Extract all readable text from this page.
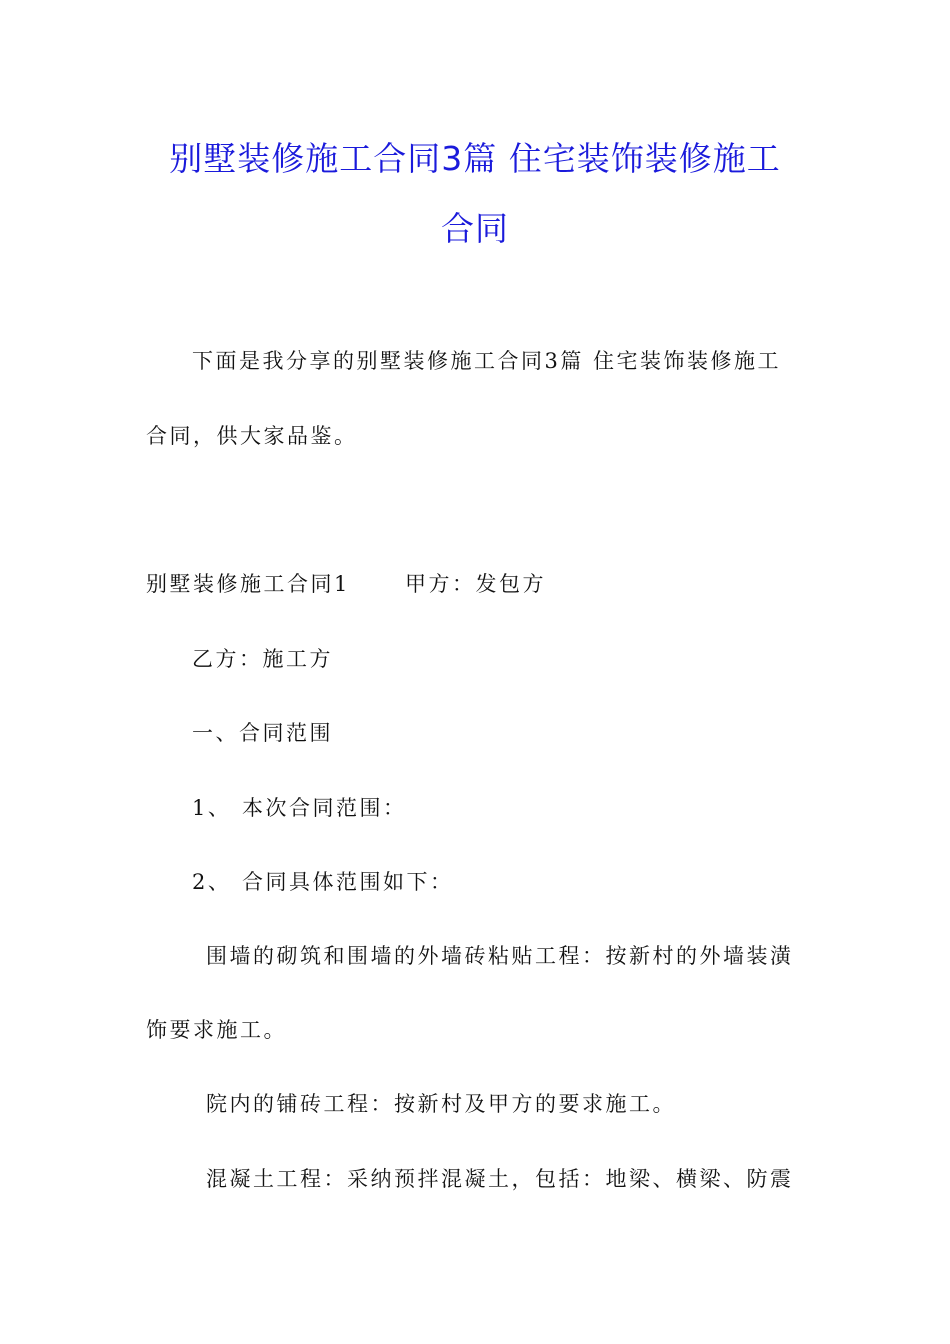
别墅装修施工合同3篇 住宅装饰装修施工
合同
下面是我分享的别墅装修施工合同3篇 住宅装饰装修施工
合同，供大家品鉴。
别墅装修施工合同1	甲方：发包方
乙方：施工方
一、合同范围
1、 本次合同范围：
2、 合同具体范围如下：
围墙的砌筑和围墙的外墙砖粘贴工程：按新村的外墙装潢
饰要求施工。
院内的铺砖工程：按新村及甲方的要求施工。
混凝土工程：采纳预拌混凝土，包括：地梁、横梁、防震
